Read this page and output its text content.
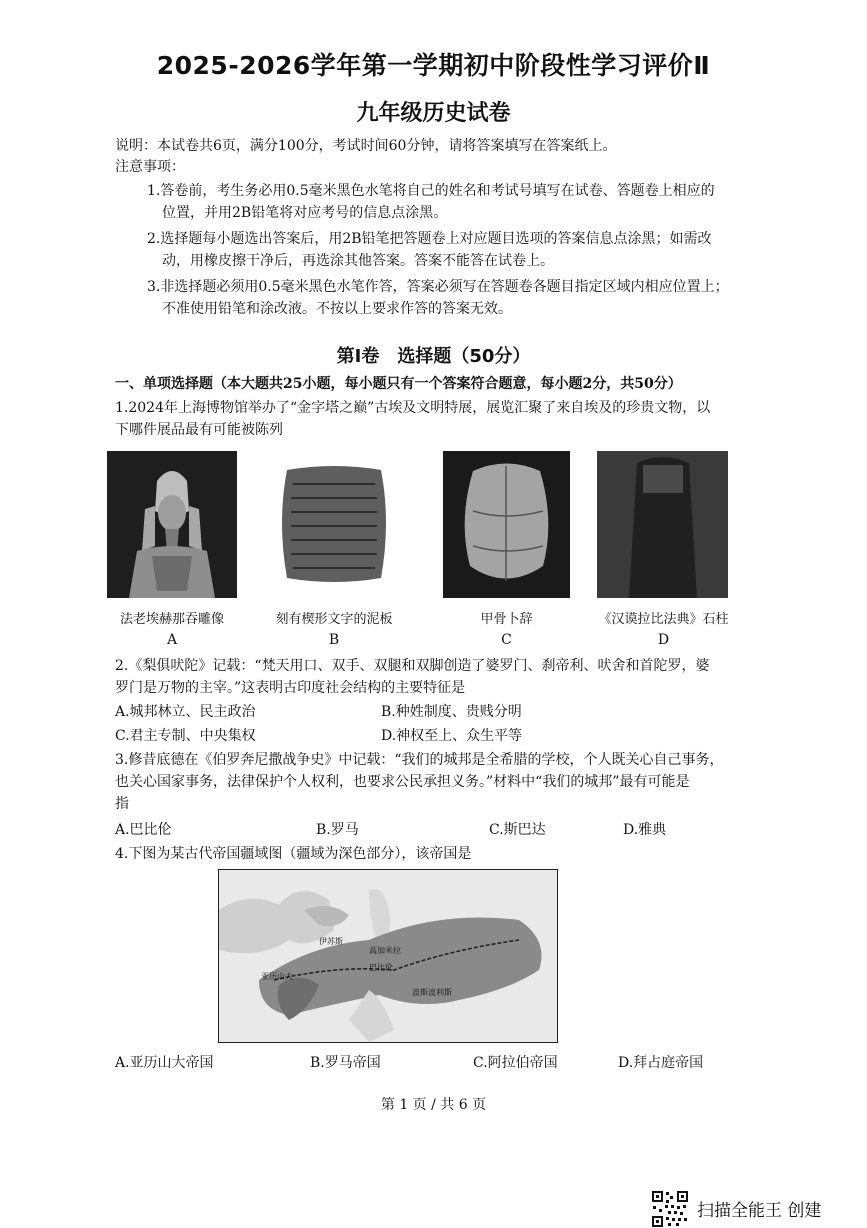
2025-2026学年第一学期初中阶段性学习评价Ⅱ
九年级历史试卷
说明：本试卷共6页，满分100分，考试时间60分钟，请将答案填写在答案纸上。
注意事项：
1.答卷前，考生务必用0.5毫米黑色水笔将自己的姓名和考试号填写在试卷、答题卷上相应的
位置，并用2B铅笔将对应考号的信息点涂黑。
2.选择题每小题选出答案后，用2B铅笔把答题卷上对应题目选项的答案信息点涂黑；如需改
动，用橡皮擦干净后，再选涂其他答案。答案不能答在试卷上。
3.非选择题必须用0.5毫米黑色水笔作答，答案必须写在答题卷各题目指定区域内相应位置上；
不准使用铅笔和涂改液。不按以上要求作答的答案无效。
第Ⅰ卷　选择题（50分）
一、单项选择题（本大题共25小题，每小题只有一个答案符合题意，每小题2分，共50分）
1.2024年上海博物馆举办了“金字塔之巅”古埃及文明特展，展览汇聚了来自埃及的珍贵文物，以
下哪件展品最有可能被陈列
法老埃赫那吞雕像
A
刻有楔形文字的泥板
B
甲骨卜辞
C
《汉谟拉比法典》石柱
D
2.《梨俱吠陀》记载：“梵天用口、双手、双腿和双脚创造了婆罗门、刹帝利、吠舍和首陀罗，婆
罗门是万物的主宰。”这表明古印度社会结构的主要特征是
A.城邦林立、民主政治	B.种姓制度、贵贱分明
C.君主专制、中央集权	D.神权至上、众生平等
3.修昔底德在《伯罗奔尼撒战争史》中记载：“我们的城邦是全希腊的学校，个人既关心自己事务，
也关心国家事务，法律保护个人权利，也要求公民承担义务。”材料中“我们的城邦”最有可能是
指
A.巴比伦	B.罗马	C.斯巴达	D.雅典
4.下图为某古代帝国疆域图（疆域为深色部分），该帝国是
伊苏斯
高加米拉
亚历山大
巴比伦
波斯波利斯
A.亚历山大帝国	B.罗马帝国	C.阿拉伯帝国	D.拜占庭帝国
第 1 页 / 共 6 页
扫描全能王 创建
